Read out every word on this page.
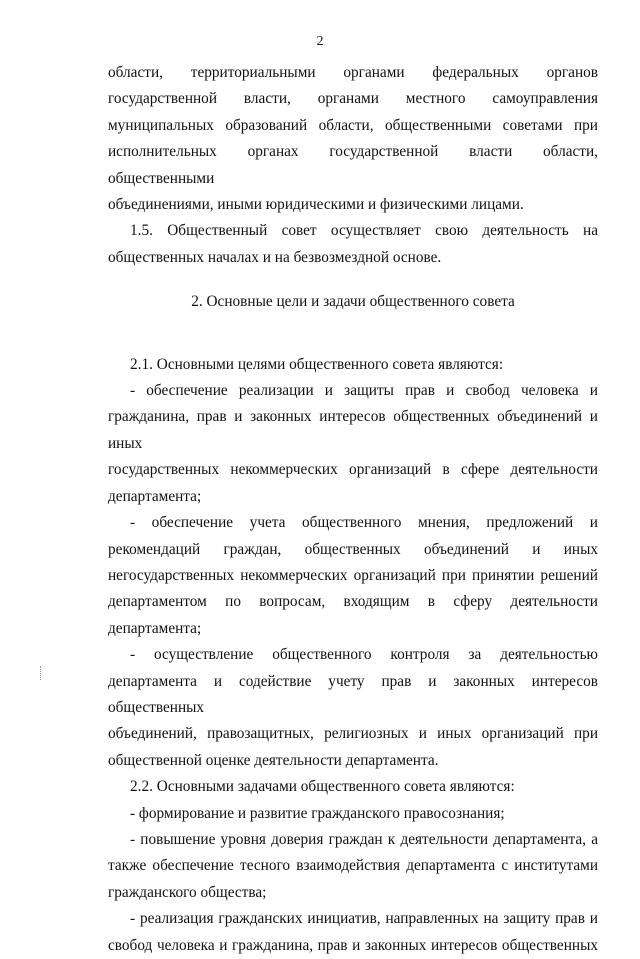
2

области, территориальными органами федеральных органов

государственной власти, органами местного самоуправления

муниципальных образований области, общественными советами при

исполнительных органах государственной власти области, общественными

объединениями, иными юридическими и физическими лицами.

1.5. Общественный совет осуществляет свою деятельность на

общественных началах и на безвозмездной основе.

2. Основные цели и задачи общественного совета

2.1. Основными целями общественного совета являются:

- обеспечение реализации и защиты прав и свобод человека и

гражданина, прав и законных интересов общественных объединений и иных

государственных некоммерческих организаций в сфере деятельности

департамента;

- обеспечение учета общественного мнения, предложений и

рекомендаций граждан, общественных объединений и иных

негосударственных некоммерческих организаций при принятии решений

департаментом по вопросам, входящим в сферу деятельности департамента;

- осуществление общественного контроля за деятельностью

департамента и содействие учету прав и законных интересов общественных

объединений, правозащитных, религиозных и иных организаций при

общественной оценке деятельности департамента.

2.2. Основными задачами общественного совета являются:

- формирование и развитие гражданского правосознания;

- повышение уровня доверия граждан к деятельности департамента, а

также обеспечение тесного взаимодействия департамента с институтами

гражданского общества;

- реализация гражданских инициатив, направленных на защиту прав и

свобод человека и гражданина, прав и законных интересов общественных
